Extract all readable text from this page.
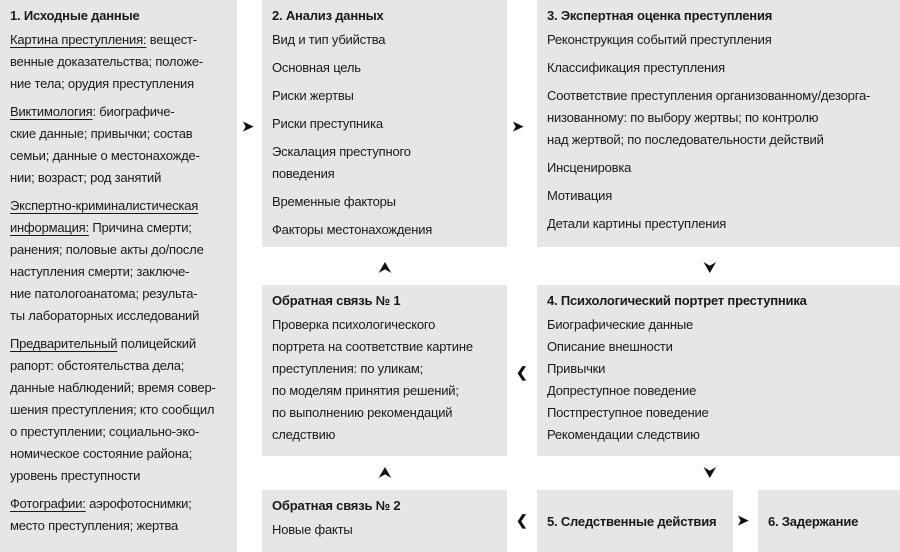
1. Исходные данные
Картина преступления: вещест-
венные доказательства; положе-
ние тела; орудия преступления
Виктимология: биографиче-
ские данные; привычки; состав
семьи; данные о местонахожде-
нии; возраст; род занятий
Экспертно-криминалистическая
информация: Причина смерти;
ранения; половые акты до/после
наступления смерти; заключе-
ние патологоанатома; результа-
ты лабораторных исследований
Предварительный полицейский
рапорт: обстоятельства дела;
данные наблюдений; время совер-
шения преступления; кто сообщил
о преступлении; социально-эко-
номическое состояние района;
уровень преступности
Фотографии: аэрофотоснимки;
место преступления; жертва
2. Анализ данных
Вид и тип убийства
Основная цель
Риски жертвы
Риски преступника
Эскалация преступного
поведения
Временные факторы
Факторы местонахождения
3. Экспертная оценка преступления
Реконструкция событий преступления
Классификация преступления
Соответствие преступления организованному/дезорга-
низованному: по выбору жертвы; по контролю
над жертвой; по последовательности действий
Инсценировка
Мотивация
Детали картины преступления
Обратная связь № 1
Проверка психологического
портрета на соответствие картине
преступления: по уликам;
по моделям принятия решений;
по выполнению рекомендаций
следствию
4. Психологический портрет преступника
Биографические данные
Описание внешности
Привычки
Допреступное поведение
Постпреступное поведение
Рекомендации следствию
Обратная связь № 2
Новые факты
5. Следственные действия	6. Задержание
➤	➤
⮟
⮝
❮
⮟
⮝
❮	➤
